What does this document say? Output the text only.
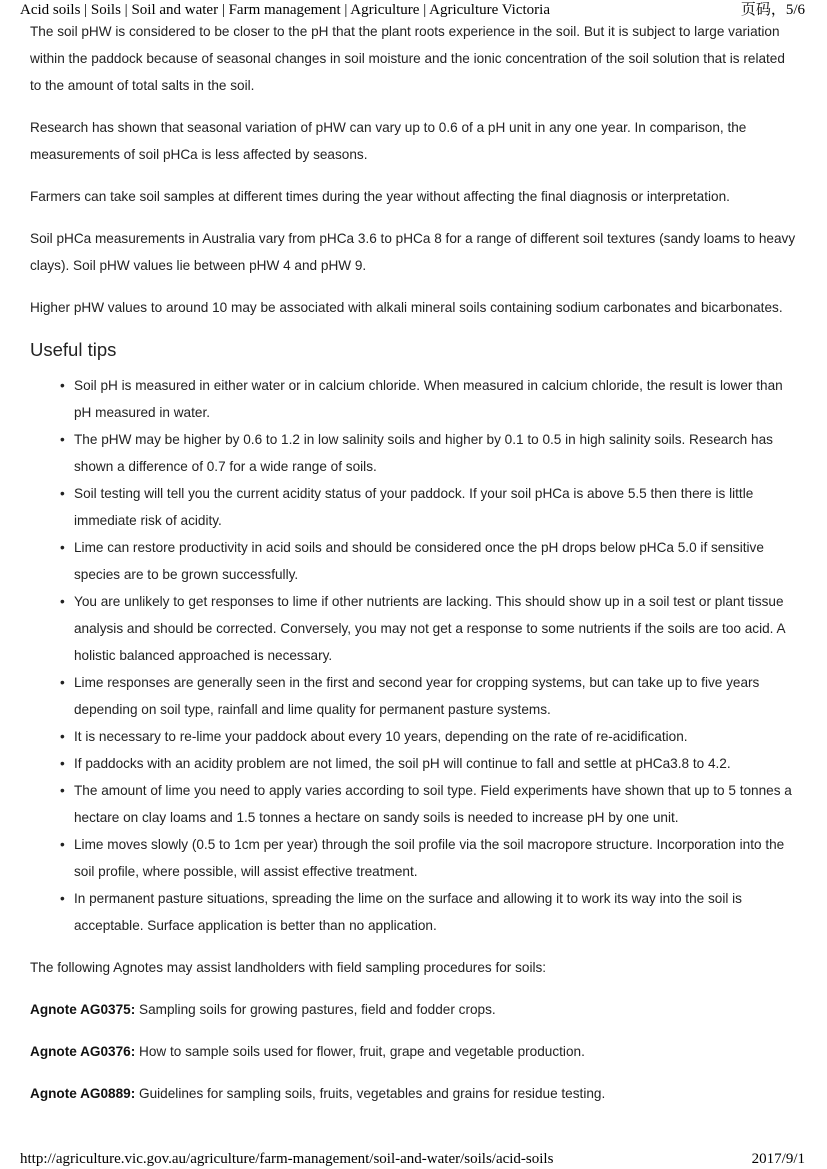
Acid soils | Soils | Soil and water | Farm management | Agriculture | Agriculture Victoria	页码，5/6

The soil pHW is considered to be closer to the pH that the plant roots experience in the soil. But it is subject to large variation within the paddock because of seasonal changes in soil moisture and the ionic concentration of the soil solution that is related to the amount of total salts in the soil.

Research has shown that seasonal variation of pHW can vary up to 0.6 of a pH unit in any one year. In comparison, the measurements of soil pHCa is less affected by seasons.

Farmers can take soil samples at different times during the year without affecting the final diagnosis or interpretation.

Soil pHCa measurements in Australia vary from pHCa 3.6 to pHCa 8 for a range of different soil textures (sandy loams to heavy clays). Soil pHW values lie between pHW 4 and pHW 9.

Higher pHW values to around 10 may be associated with alkali mineral soils containing sodium carbonates and bicarbonates.

Useful tips
• Soil pH is measured in either water or in calcium chloride. When measured in calcium chloride, the result is lower than pH measured in water.
• The pHW may be higher by 0.6 to 1.2 in low salinity soils and higher by 0.1 to 0.5 in high salinity soils. Research has shown a difference of 0.7 for a wide range of soils.
• Soil testing will tell you the current acidity status of your paddock. If your soil pHCa is above 5.5 then there is little immediate risk of acidity.
• Lime can restore productivity in acid soils and should be considered once the pH drops below pHCa 5.0 if sensitive species are to be grown successfully.
• You are unlikely to get responses to lime if other nutrients are lacking. This should show up in a soil test or plant tissue analysis and should be corrected. Conversely, you may not get a response to some nutrients if the soils are too acid. A holistic balanced approached is necessary.
• Lime responses are generally seen in the first and second year for cropping systems, but can take up to five years depending on soil type, rainfall and lime quality for permanent pasture systems.
• It is necessary to re-lime your paddock about every 10 years, depending on the rate of re-acidification.
• If paddocks with an acidity problem are not limed, the soil pH will continue to fall and settle at pHCa3.8 to 4.2.
• The amount of lime you need to apply varies according to soil type. Field experiments have shown that up to 5 tonnes a hectare on clay loams and 1.5 tonnes a hectare on sandy soils is needed to increase pH by one unit.
• Lime moves slowly (0.5 to 1cm per year) through the soil profile via the soil macropore structure. Incorporation into the soil profile, where possible, will assist effective treatment.
• In permanent pasture situations, spreading the lime on the surface and allowing it to work its way into the soil is acceptable. Surface application is better than no application.

The following Agnotes may assist landholders with field sampling procedures for soils:

Agnote AG0375: Sampling soils for growing pastures, field and fodder crops.

Agnote AG0376: How to sample soils used for flower, fruit, grape and vegetable production.

Agnote AG0889: Guidelines for sampling soils, fruits, vegetables and grains for residue testing.

http://agriculture.vic.gov.au/agriculture/farm-management/soil-and-water/soils/acid-soils	2017/9/1
